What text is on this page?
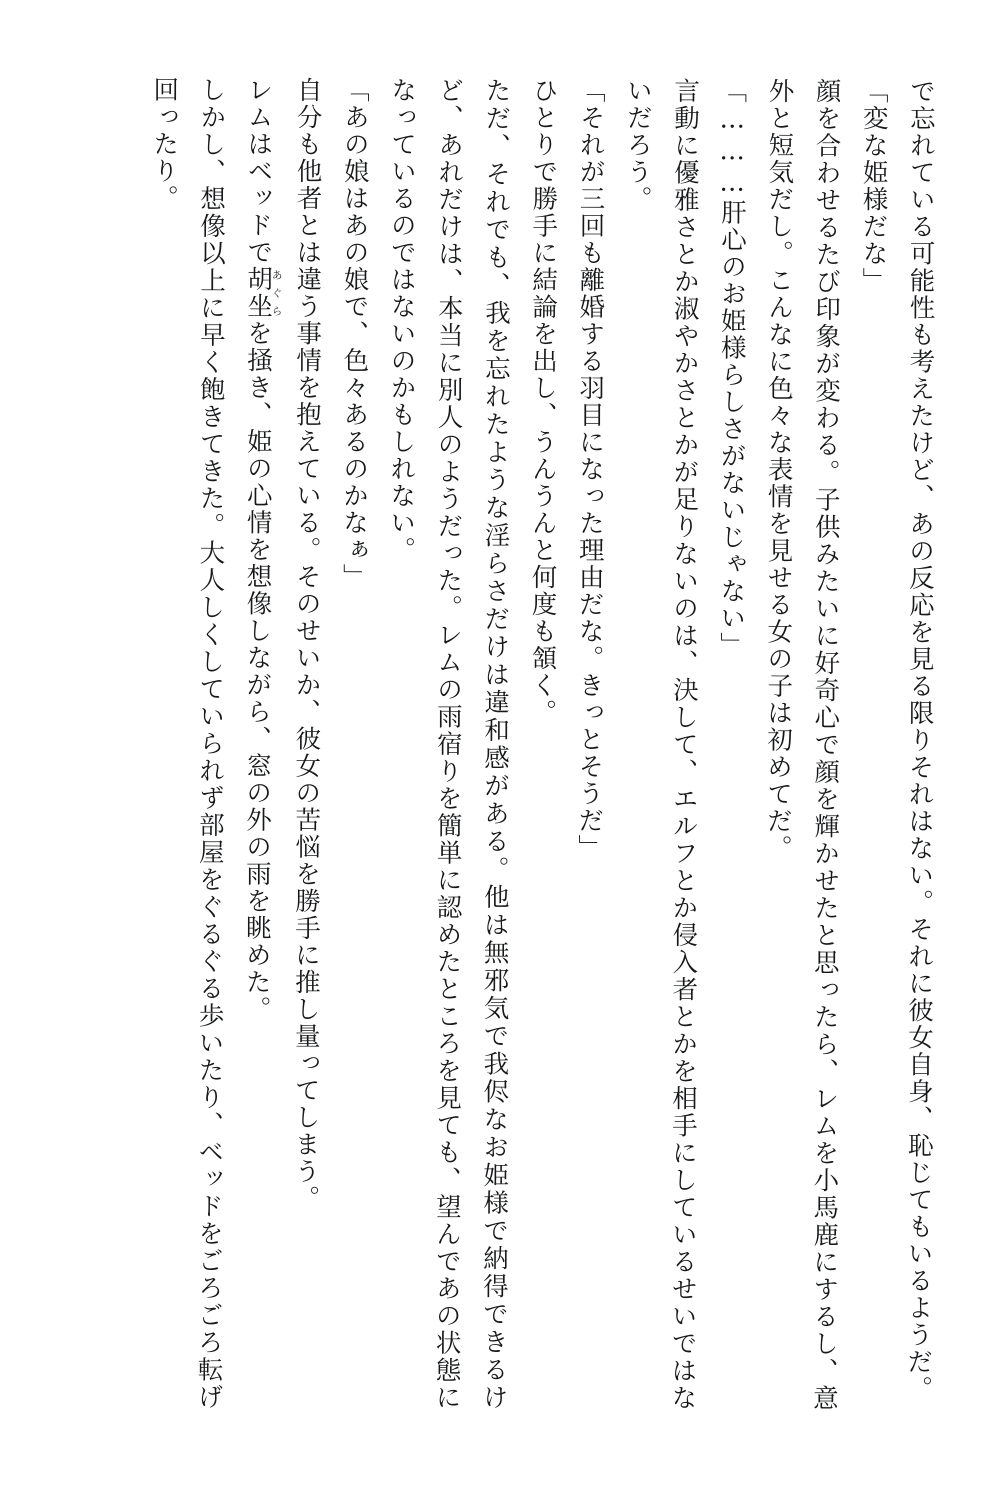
で忘れている可能性も考えたけど、あの反応を見る限りそれはない。それに彼女自身、恥じてもいるようだ。

「変な姫様だな」

顔を合わせるたび印象が変わる。子供みたいに好奇心で顔を輝かせたと思ったら、レムを小馬鹿にするし、意外と短気だし。こんなに色々な表情を見せる女の子は初めてだ。

「………肝心のお姫様らしさがないじゃない」

言動に優雅さとか淑やかさとかが足りないのは、決して、エルフとか侵入者とかを相手にしているせいではないだろう。

「それが三回も離婚する羽目になった理由だな。きっとそうだ」

ひとりで勝手に結論を出し、うんうんと何度も頷く。

ただ、それでも、我を忘れたような淫らさだけは違和感がある。他は無邪気で我侭なお姫様で納得できるけど、あれだけは、本当に別人のようだった。レムの雨宿りを簡単に認めたところを見ても、望んであの状態になっているのではないのかもしれない。

「あの娘はあの娘で、色々あるのかなぁ」

自分も他者とは違う事情を抱えている。そのせいか、彼女の苦悩を勝手に推し量ってしまう。

レムはベッドで胡坐あぐらを掻き、姫の心情を想像しながら、窓の外の雨を眺めた。

しかし、想像以上に早く飽きてきた。大人しくしていられず部屋をぐるぐる歩いたり、ベッドをごろごろ転げ回ったり。
